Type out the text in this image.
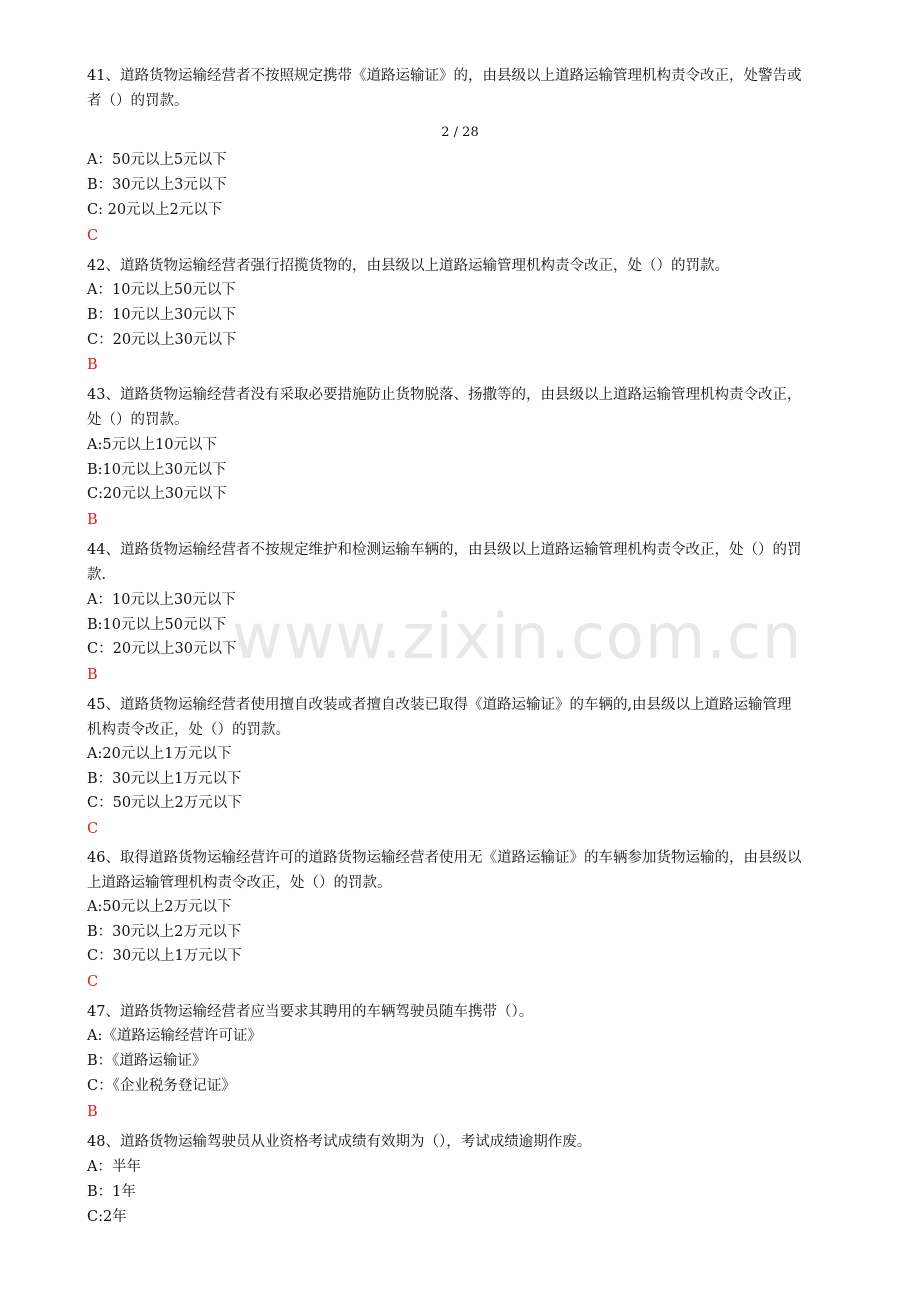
41、道路货物运输经营者不按照规定携带《道路运输证》的，由县级以上道路运输管理机构责令改正，处警告或
者（）的罚款。
2 / 28
A：50元以上5元以下
B：30元以上3元以下
C: 20元以上2元以下
C
42、道路货物运输经营者强行招揽货物的，由县级以上道路运输管理机构责令改正，处（）的罚款。
A：10元以上50元以下
B：10元以上30元以下
C：20元以上30元以下
B
43、道路货物运输经营者没有采取必要措施防止货物脱落、扬撒等的，由县级以上道路运输管理机构责令改正，
处（）的罚款。
A:5元以上10元以下
B:10元以上30元以下
C:20元以上30元以下
B
44、道路货物运输经营者不按规定维护和检测运输车辆的，由县级以上道路运输管理机构责令改正，处（）的罚
款.
A：10元以上30元以下
B:10元以上50元以下
C：20元以上30元以下
B
45、道路货物运输经营者使用擅自改装或者擅自改装已取得《道路运输证》的车辆的,由县级以上道路运输管理
机构责令改正，处（）的罚款。
A:20元以上1万元以下
B：30元以上1万元以下
C：50元以上2万元以下
C
46、取得道路货物运输经营许可的道路货物运输经营者使用无《道路运输证》的车辆参加货物运输的，由县级以
上道路运输管理机构责令改正，处（）的罚款。
A:50元以上2万元以下
B：30元以上2万元以下
C：30元以上1万元以下
C
47、道路货物运输经营者应当要求其聘用的车辆驾驶员随车携带（）。
A:《道路运输经营许可证》
B：《道路运输证》
C：《企业税务登记证》
B
48、道路货物运输驾驶员从业资格考试成绩有效期为（），考试成绩逾期作废。
A：半年
B：1年
C:2年
www.zixin.com.cn
